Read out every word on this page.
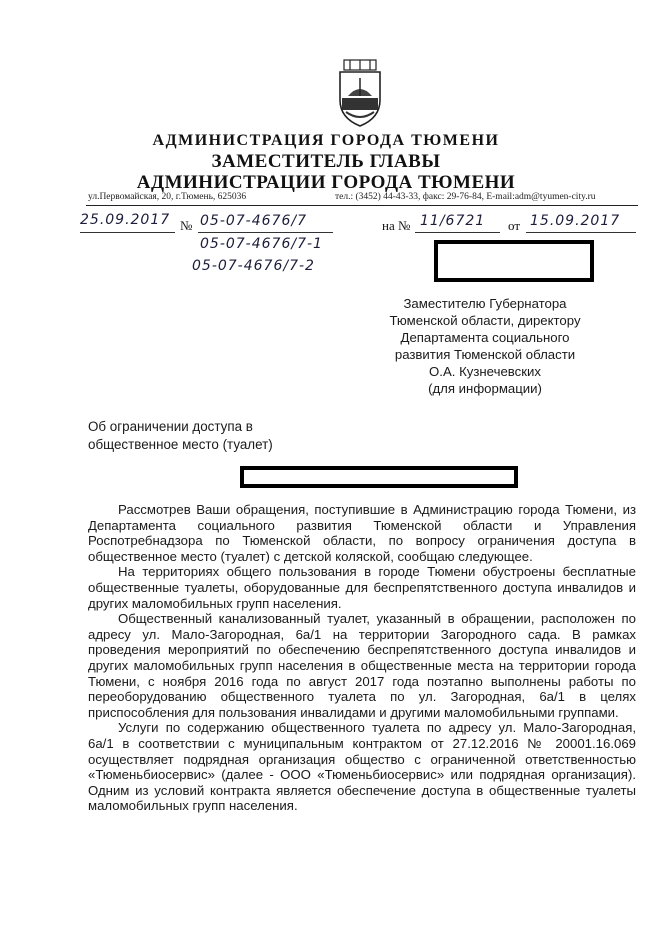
АДМИНИСТРАЦИЯ ГОРОДА ТЮМЕНИ
ЗАМЕСТИТЕЛЬ ГЛАВЫ
АДМИНИСТРАЦИИ ГОРОДА ТЮМЕНИ
ул.Первомайская, 20, г.Тюмень, 625036	тел.: (3452) 44-43-33, факс: 29-76-84, E-mail:adm@tyumen-city.ru
25.09.2017 № 05-07-4676/7
05-07-4676/7-1
05-07-4676/7-2
на № 11/6721 от 15.09.2017
Заместителю Губернатора
Тюменской области, директору
Департамента социального
развития Тюменской области
О.А. Кузнечевских
(для информации)
Об ограничении доступа в
общественное место (туалет)

Рассмотрев Ваши обращения, поступившие в Администрацию города Тюмени, из Департамента социального развития Тюменской области и Управления Роспотребнадзора по Тюменской области, по вопросу ограничения доступа в общественное место (туалет) с детской коляской, сообщаю следующее.

На территориях общего пользования в городе Тюмени обустроены бесплатные общественные туалеты, оборудованные для беспрепятственного доступа инвалидов и других маломобильных групп населения.

Общественный канализованный туалет, указанный в обращении, расположен по адресу ул. Мало-Загородная, 6а/1 на территории Загородного сада. В рамках проведения мероприятий по обеспечению беспрепятственного доступа инвалидов и других маломобильных групп населения в общественные места на территории города Тюмени, с ноября 2016 года по август 2017 года поэтапно выполнены работы по переоборудованию общественного туалета по ул. Загородная, 6а/1 в целях приспособления для пользования инвалидами и другими маломобильными группами.

Услуги по содержанию общественного туалета по адресу ул. Мало-Загородная, 6а/1 в соответствии с муниципальным контрактом от 27.12.2016 № 20001.16.069 осуществляет подрядная организация общество с ограниченной ответственностью «Тюменьбиосервис» (далее - ООО «Тюменьбиосервис» или подрядная организация). Одним из условий контракта является обеспечение доступа в общественные туалеты маломобильных групп населения.
